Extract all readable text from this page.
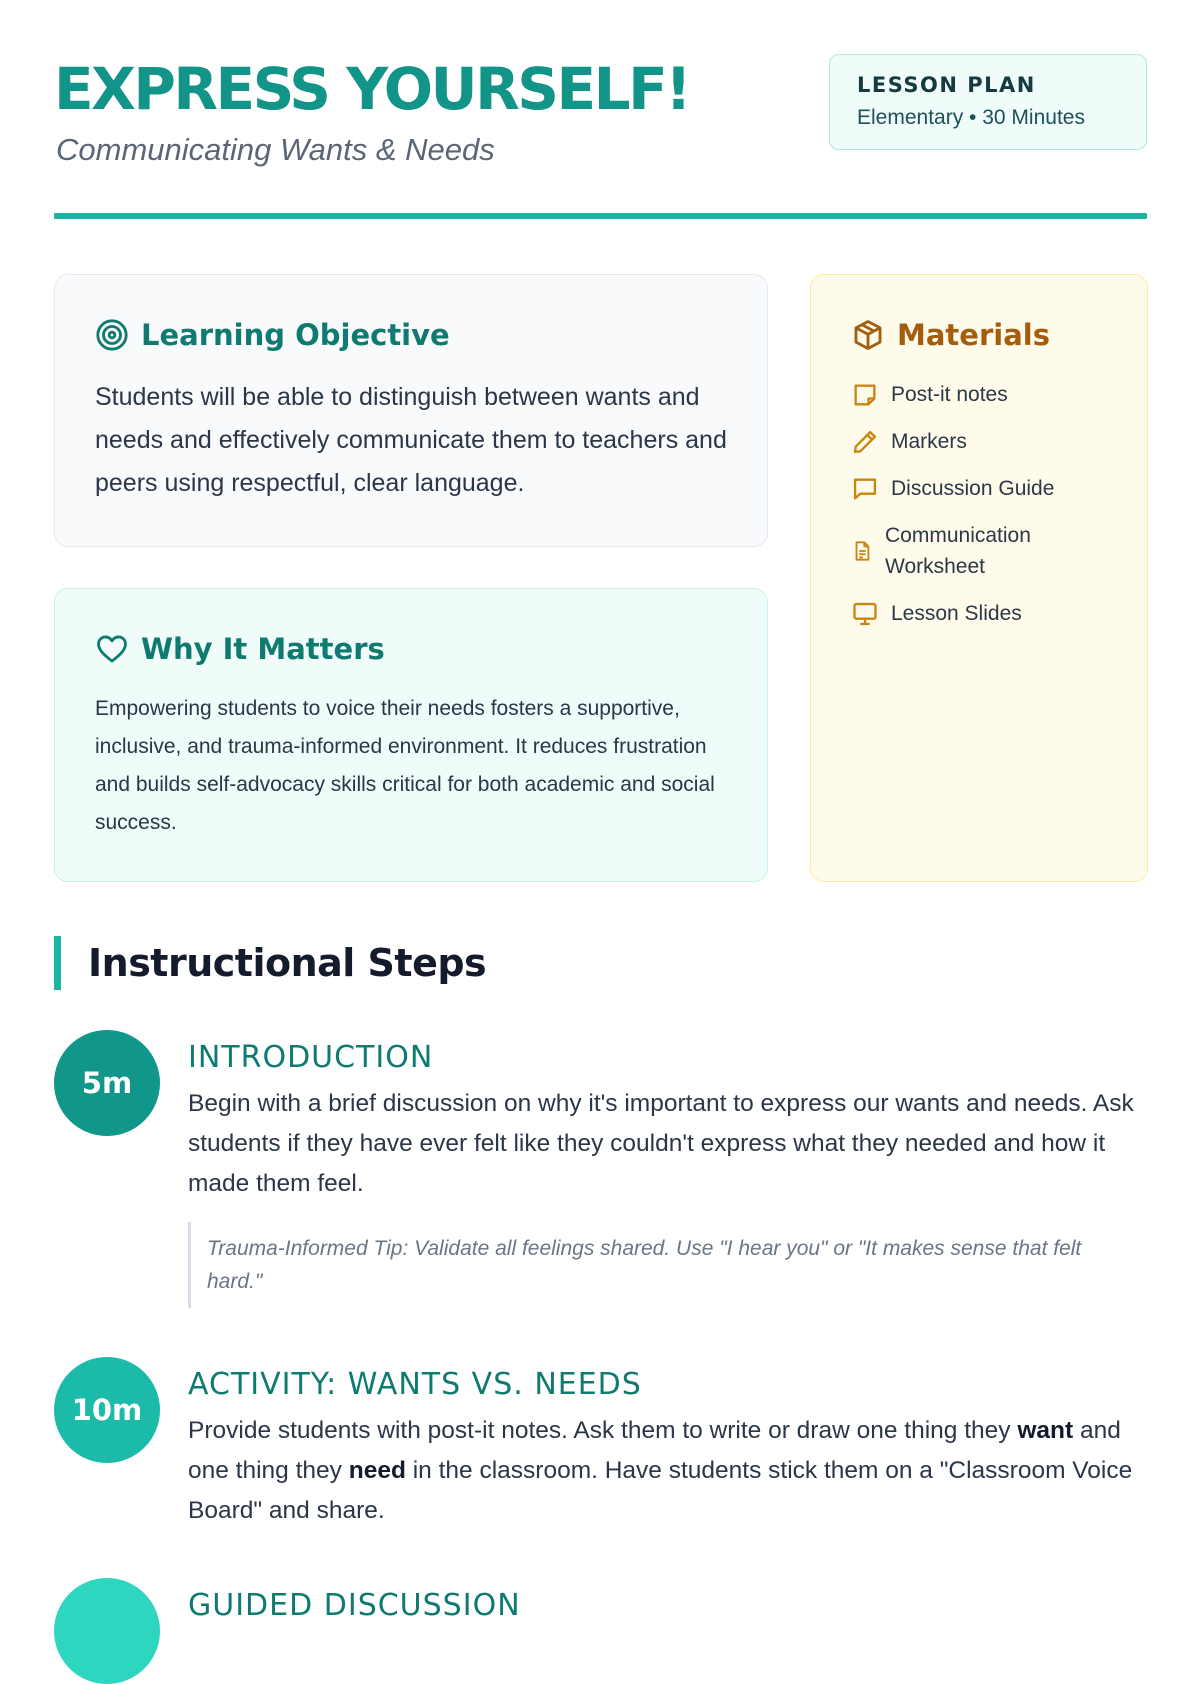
EXPRESS YOURSELF!
Communicating Wants & Needs
LESSON PLAN
Elementary • 30 Minutes
Learning Objective
Students will be able to distinguish between wants and needs and effectively communicate them to teachers and peers using respectful, clear language.
Why It Matters
Empowering students to voice their needs fosters a supportive, inclusive, and trauma-informed environment. It reduces frustration and builds self-advocacy skills critical for both academic and social success.
Materials
Post-it notes
Markers
Discussion Guide
Communication Worksheet
Lesson Slides
Instructional Steps
5m
INTRODUCTION
Begin with a brief discussion on why it's important to express our wants and needs. Ask students if they have ever felt like they couldn't express what they needed and how it made them feel.
Trauma-Informed Tip: Validate all feelings shared. Use "I hear you" or "It makes sense that felt hard."
10m
ACTIVITY: WANTS VS. NEEDS
Provide students with post-it notes. Ask them to write or draw one thing they want and one thing they need in the classroom. Have students stick them on a "Classroom Voice Board" and share.
GUIDED DISCUSSION
